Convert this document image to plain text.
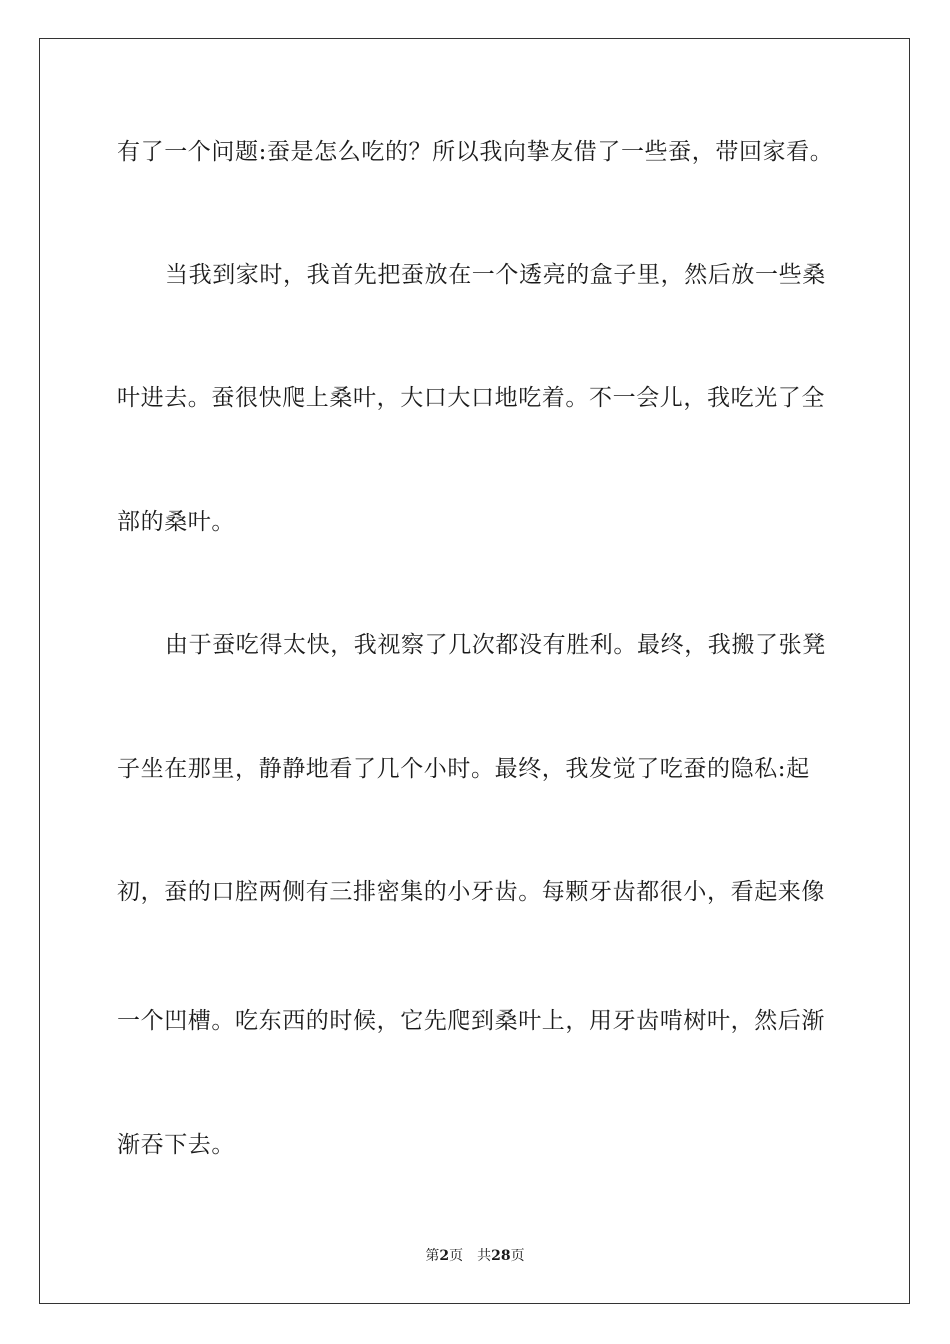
有了一个问题:蚕是怎么吃的？所以我向挚友借了一些蚕，带回家看。
当我到家时，我首先把蚕放在一个透亮的盒子里，然后放一些桑
叶进去。蚕很快爬上桑叶，大口大口地吃着。不一会儿，我吃光了全
部的桑叶。
由于蚕吃得太快，我视察了几次都没有胜利。最终，我搬了张凳
子坐在那里，静静地看了几个小时。最终，我发觉了吃蚕的隐私:起
初，蚕的口腔两侧有三排密集的小牙齿。每颗牙齿都很小，看起来像
一个凹槽。吃东西的时候，它先爬到桑叶上，用牙齿啃树叶，然后渐
渐吞下去。
第2页 共28页
